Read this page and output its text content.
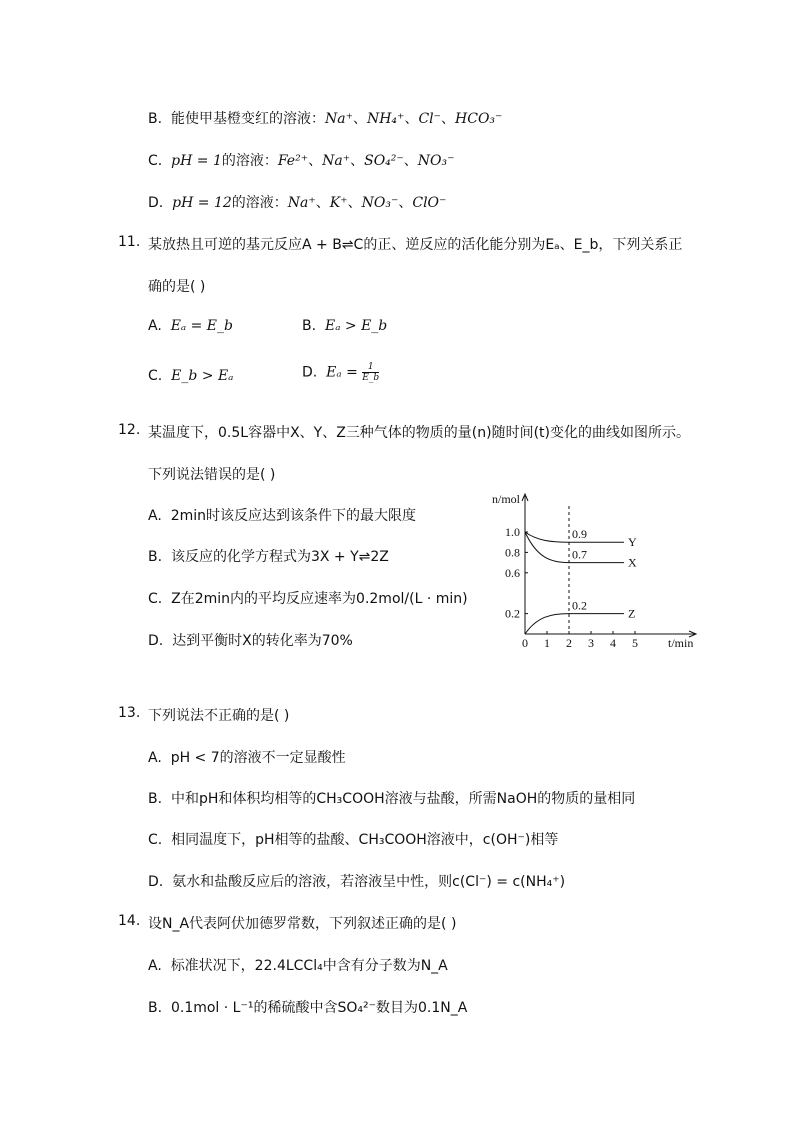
B. 能使甲基橙变红的溶液：Na⁺、NH₄⁺、Cl⁻、HCO₃⁻
C. pH = 1的溶液：Fe²⁺、Na⁺、SO₄²⁻、NO₃⁻
D. pH = 12的溶液：Na⁺、K⁺、NO₃⁻、ClO⁻
11. 某放热且可逆的基元反应A + B⇌C的正、逆反应的活化能分别为Eₐ、E_b，下列关系正
确的是( )
A. Eₐ = E_b	B. Eₐ > E_b
C. E_b > Eₐ	D. $E_a = \frac{1}{E\_b}$
12. 某温度下，0.5L容器中X、Y、Z三种气体的物质的量(n)随时间(t)变化的曲线如图所示。
下列说法错误的是( )
A. 2min时该反应达到该条件下的最大限度
B. 该反应的化学方程式为3X + Y⇌2Z
C. Z在2min内的平均反应速率为0.2mol/(L · min)
D. 达到平衡时X的转化率为70%
n/mol
t/min
0 1 2 3 4 5
0.2
0.6
0.8
1.0	0.9
Y
0.7
X
0.2
Z
13. 下列说法不正确的是( )
A. pH < 7的溶液不一定显酸性
B. 中和pH和体积均相等的CH₃COOH溶液与盐酸，所需NaOH的物质的量相同
C. 相同温度下，pH相等的盐酸、CH₃COOH溶液中，c(OH⁻)相等
D. 氨水和盐酸反应后的溶液，若溶液呈中性，则c(Cl⁻) = c(NH₄⁺)
14. 设N_A代表阿伏加德罗常数，下列叙述正确的是( )
A. 标准状况下，22.4LCCl₄中含有分子数为N_A
B. 0.1mol · L⁻¹的稀硫酸中含SO₄²⁻数目为0.1N_A
